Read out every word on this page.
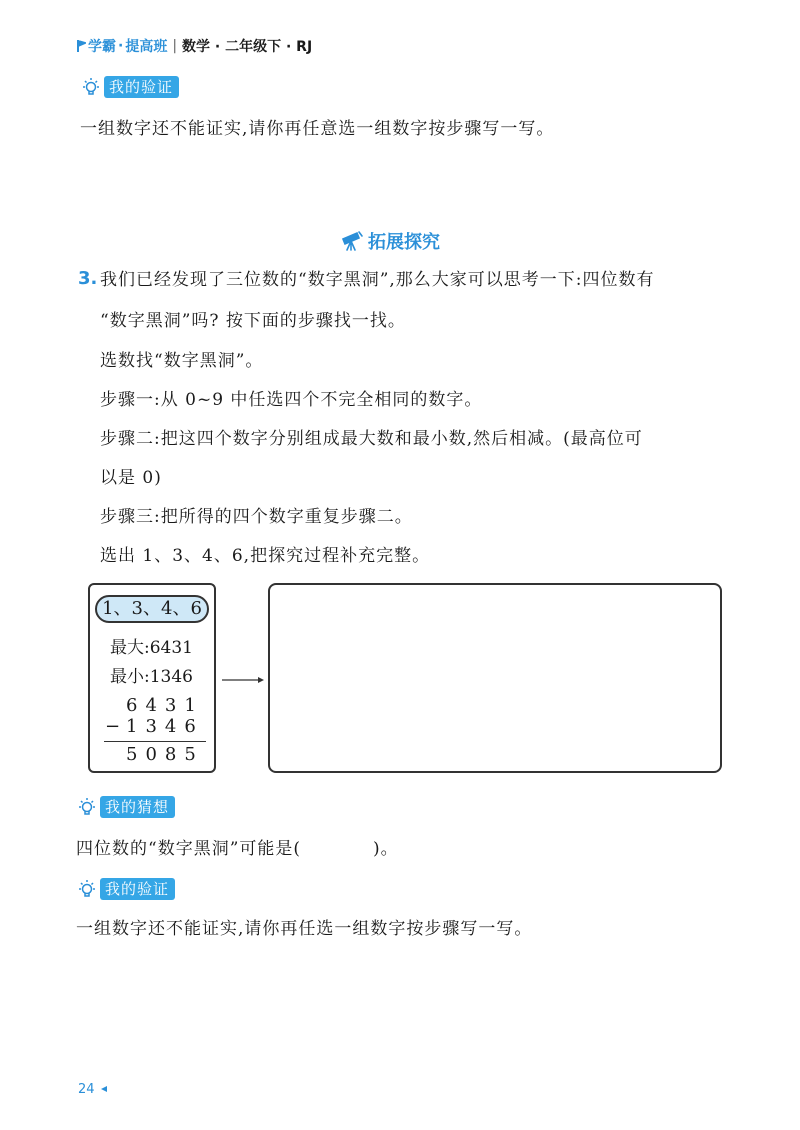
学霸 · 提高班 | 数学 · 二年级下 · RJ
我的验证
一组数字还不能证实,请你再任意选一组数字按步骤写一写。
拓展探究
3. 我们已经发现了三位数的“数字黑洞”,那么大家可以思考一下:四位数有
“数字黑洞”吗? 按下面的步骤找一找。
选数找“数字黑洞”。
步骤一:从 0~9 中任选四个不完全相同的数字。
步骤二:把这四个数字分别组成最大数和最小数,然后相减。(最高位可
以是 0)
步骤三:把所得的四个数字重复步骤二。
选出 1、3、4、6,把探究过程补充完整。
1、3、4、6
最大:6431
最小:1346
6431
− 1346
5085
我的猜想
四位数的“数字黑洞”可能是(　　　　)。
我的验证
一组数字还不能证实,请你再任选一组数字按步骤写一写。
24
